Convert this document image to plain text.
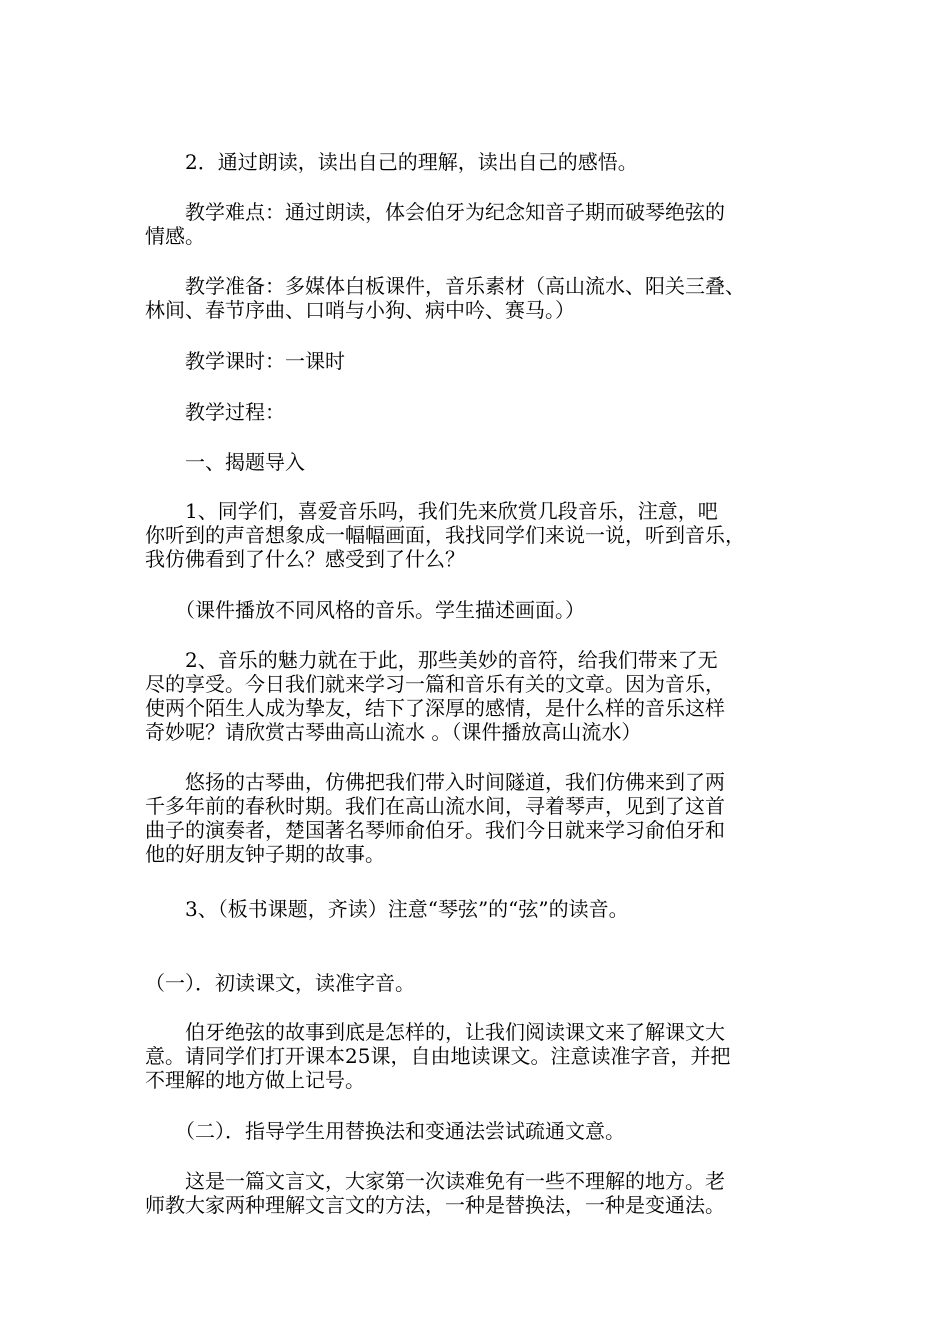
　　2．通过朗读，读出自己的理解，读出自己的感悟。
　　教学难点：通过朗读，体会伯牙为纪念知音子期而破琴绝弦的
情感。
　　教学准备：多媒体白板课件，音乐素材（高山流水、阳关三叠、
林间、春节序曲、口哨与小狗、病中吟、赛马。）
　　教学课时：一课时
　　教学过程：
　　一、揭题导入
　　1、同学们，喜爱音乐吗，我们先来欣赏几段音乐，注意，吧
你听到的声音想象成一幅幅画面，我找同学们来说一说，听到音乐，
我仿佛看到了什么？感受到了什么？
　　（课件播放不同风格的音乐。学生描述画面。）
　　2、音乐的魅力就在于此，那些美妙的音符，给我们带来了无
尽的享受。今日我们就来学习一篇和音乐有关的文章。因为音乐，
使两个陌生人成为挚友，结下了深厚的感情，是什么样的音乐这样
奇妙呢？请欣赏古琴曲高山流水 。（课件播放高山流水）
　　悠扬的古琴曲，仿佛把我们带入时间隧道，我们仿佛来到了两
千多年前的春秋时期。我们在高山流水间，寻着琴声，见到了这首
曲子的演奏者，楚国著名琴师俞伯牙。我们今日就来学习俞伯牙和
他的好朋友钟子期的故事。
　　3、（板书课题，齐读）注意“琴弦”的“弦”的读音。
（一）．初读课文，读准字音。
　　伯牙绝弦的故事到底是怎样的，让我们阅读课文来了解课文大
意。请同学们打开课本25课，自由地读课文。注意读准字音，并把
不理解的地方做上记号。
　　（二）．指导学生用替换法和变通法尝试疏通文意。
　　这是一篇文言文，大家第一次读难免有一些不理解的地方。老
师教大家两种理解文言文的方法，一种是替换法，一种是变通法。
